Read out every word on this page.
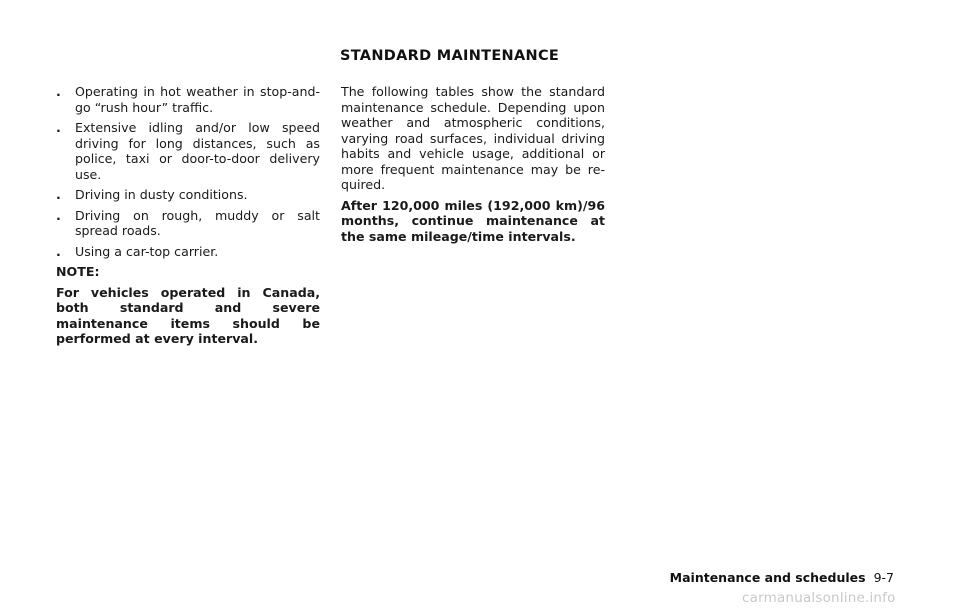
STANDARD MAINTENANCE
. Operating in hot weather in stop-and-go “rush hour” traffic.
. Extensive idling and/or low speed driving for long distances, such as police, taxi or door-to-door delivery use.
. Driving in dusty conditions.
. Driving on rough, muddy or salt spread roads.
. Using a car-top carrier.
NOTE:
For vehicles operated in Canada, both standard and severe maintenance items should be performed at every interval.
The following tables show the standard maintenance schedule. Depending upon weather and atmospheric conditions, varying road surfaces, individual driving habits and vehicle usage, additional or more frequent maintenance may be re-quired.
After 120,000 miles (192,000 km)/96 months, continue maintenance at the same mileage/time intervals.
Maintenance and schedules 9-7
carmanualsonline.info
